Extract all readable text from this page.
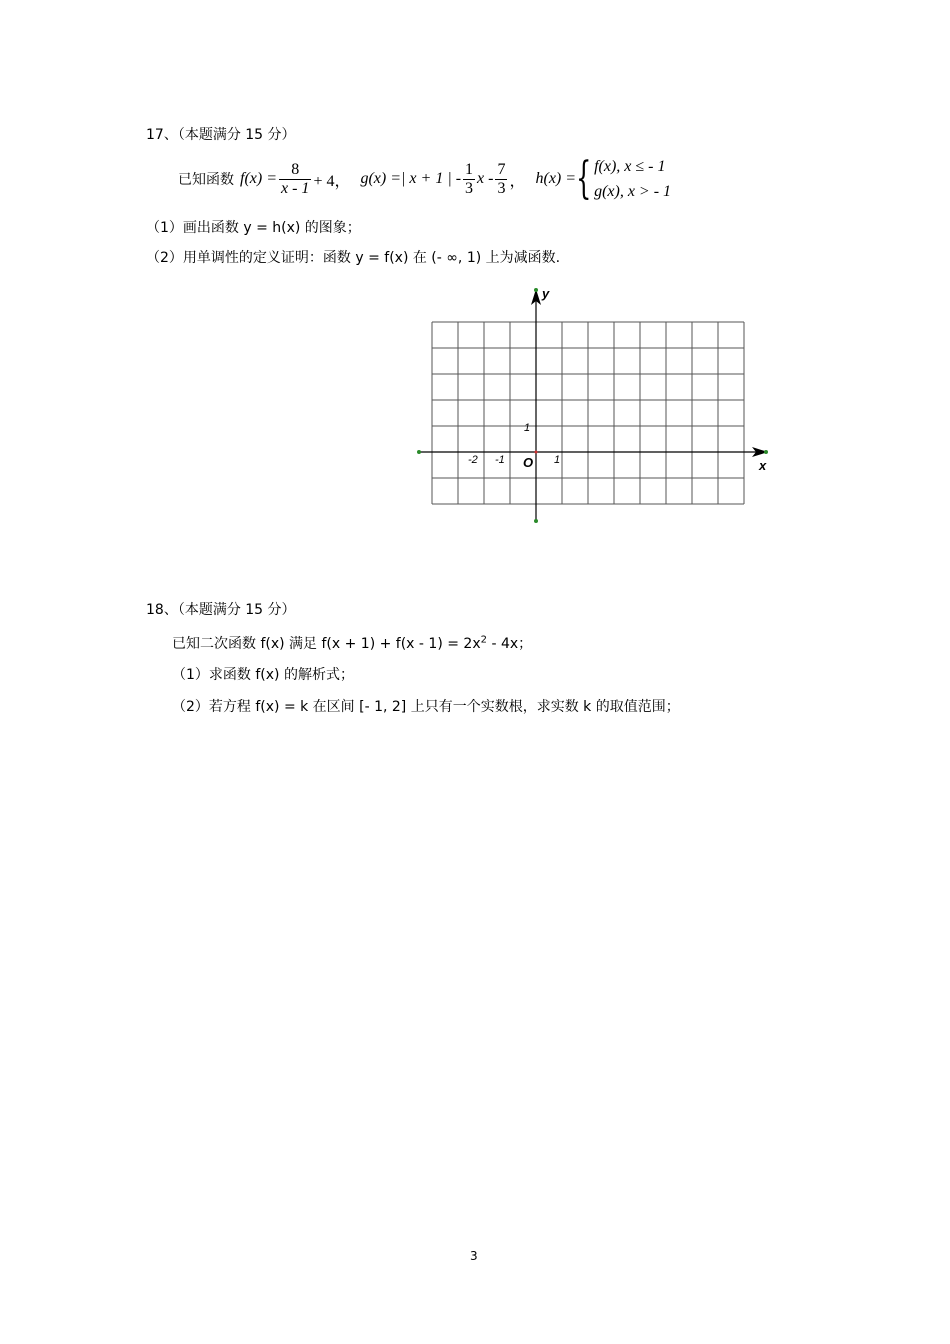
17、（本题满分 15 分）
已知函数 $f(x) = \frac{8}{x - 1} + 4$， g(x) =| x + 1 | - $\frac{1}{3}$ x - $\frac{7}{3}$ ， h(x) = { f(x), x ≤ - 1
g(x), x > - 1
（1）画出函数 y = h(x) 的图象；
（2）用单调性的定义证明：函数 y = f(x) 在 (- ∞, 1) 上为减函数.
y
x
O
1
-2 -1	1
18、（本题满分 15 分）
已知二次函数 f(x) 满足 $f(x + 1) + f(x - 1) = 2x^2 - 4x$；
（1）求函数 f(x) 的解析式；
（2）若方程 f(x) = k 在区间 [- 1, 2] 上只有一个实数根，求实数 k 的取值范围；
3
